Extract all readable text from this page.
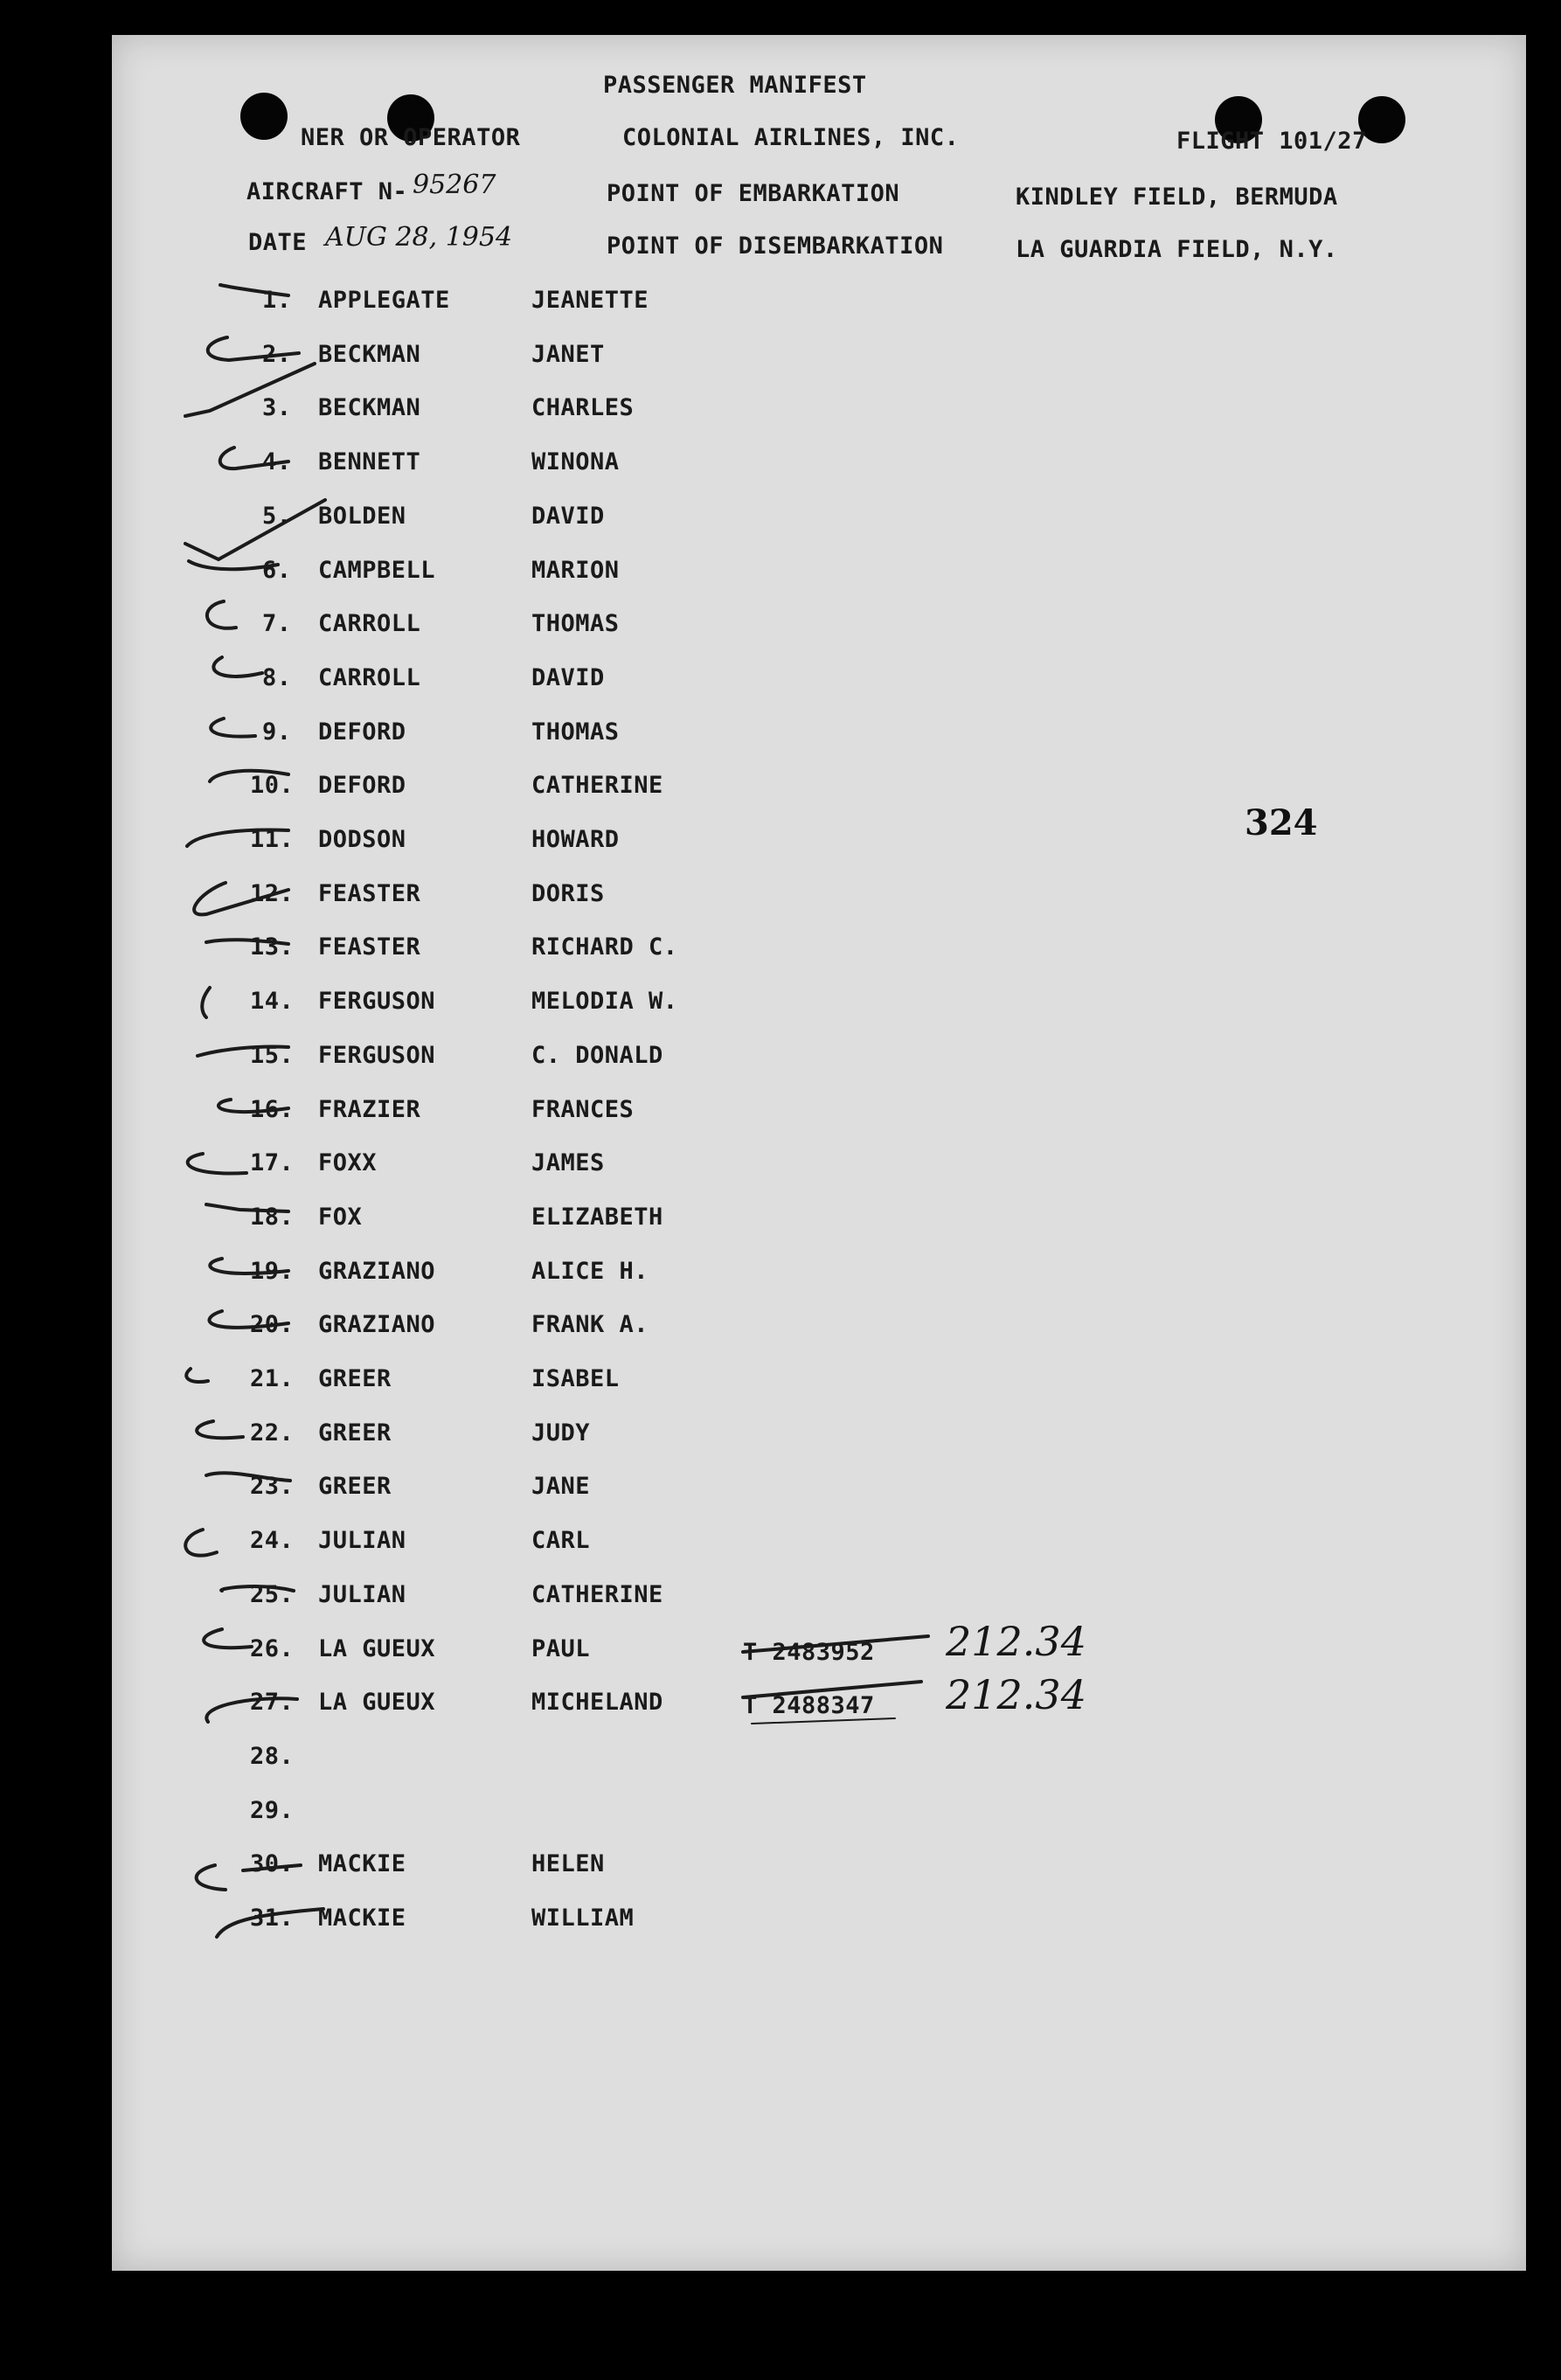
PASSENGER MANIFEST
NER OR OPERATOR	COLONIAL AIRLINES, INC.	FLIGHT 101/27
AIRCRAFT N- 95267	POINT OF EMBARKATION	KINDLEY FIELD, BERMUDA
DATE AUG 28, 1954	POINT OF DISEMBARKATION	LA GUARDIA FIELD, N.Y.
324
1. APPLEGATE	JEANETTE
2. BECKMAN	JANET
3. BECKMAN	CHARLES
4. BENNETT	WINONA
5. BOLDEN	DAVID
6. CAMPBELL	MARION
7. CARROLL	THOMAS
8. CARROLL	DAVID
9. DEFORD	THOMAS
10. DEFORD	CATHERINE
11. DODSON	HOWARD
12. FEASTER	DORIS
13. FEASTER	RICHARD C.
14. FERGUSON	MELODIA W.
15. FERGUSON	C. DONALD
16. FRAZIER	FRANCES
17. FOXX	JAMES
18. FOX	ELIZABETH
19. GRAZIANO	ALICE H.
20. GRAZIANO	FRANK A.
21. GREER	ISABEL
22. GREER	JUDY
23. GREER	JANE
24. JULIAN	CARL
25. JULIAN	CATHERINE
26. LA GUEUX	PAUL	T 2483952 212.34
27. LA GUEUX	MICHELAND	T 2488347 212.34
28.
29.
30. MACKIE	HELEN
31. MACKIE	WILLIAM
